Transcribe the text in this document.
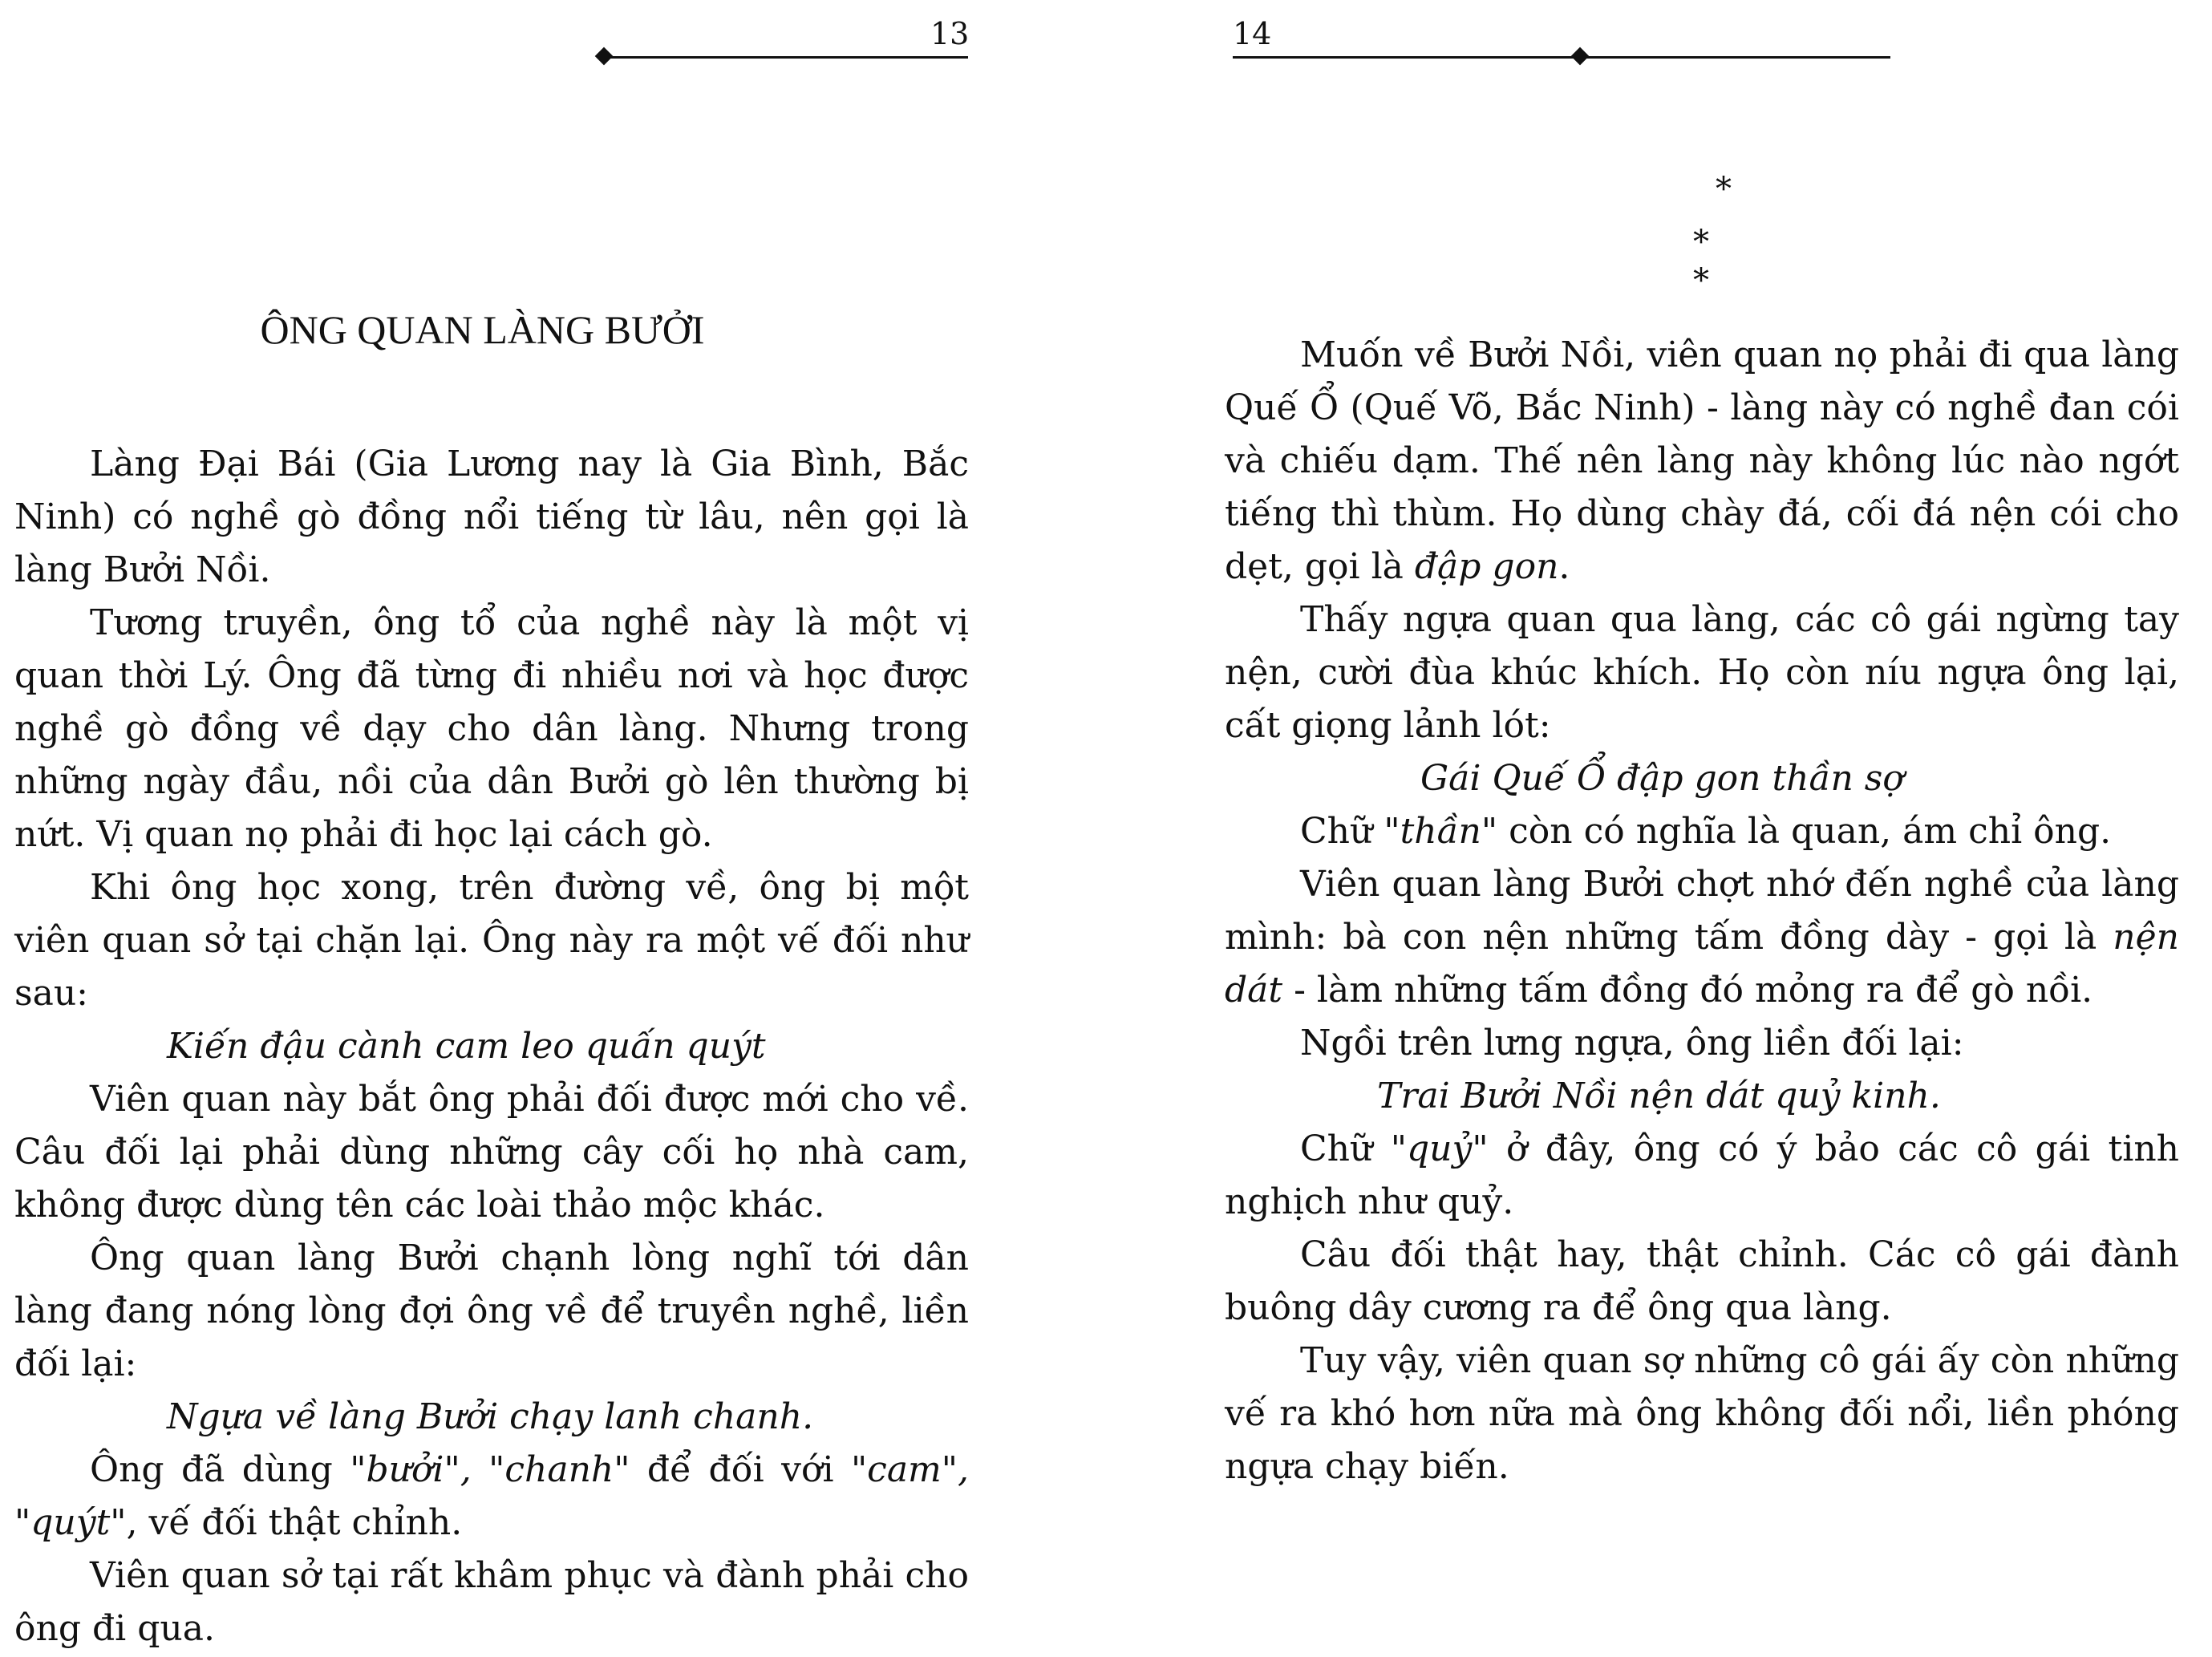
13
ÔNG QUAN LÀNG BƯỞI

Làng Đại Bái (Gia Lương nay là Gia Bình, Bắc Ninh) có nghề gò đồng nổi tiếng từ lâu, nên gọi là làng Bưởi Nồi.

Tương truyền, ông tổ của nghề này là một vị quan thời Lý. Ông đã từng đi nhiều nơi và học được nghề gò đồng về dạy cho dân làng. Nhưng trong những ngày đầu, nồi của dân Bưởi gò lên thường bị nứt. Vị quan nọ phải đi học lại cách gò.

Khi ông học xong, trên đường về, ông bị một viên quan sở tại chặn lại. Ông này ra một vế đối như sau:

Kiến đậu cành cam leo quấn quýt

Viên quan này bắt ông phải đối được mới cho về. Câu đối lại phải dùng những cây cối họ nhà cam, không được dùng tên các loài thảo mộc khác.

Ông quan làng Bưởi chạnh lòng nghĩ tới dân làng đang nóng lòng đợi ông về để truyền nghề, liền đối lại:

Ngựa về làng Bưởi chạy lanh chanh.

Ông đã dùng "bưởi", "chanh" để đối với "cam", "quýt", vế đối thật chỉnh.

Viên quan sở tại rất khâm phục và đành phải cho ông đi qua.

14
*
* *

Muốn về Bưởi Nồi, viên quan nọ phải đi qua làng Quế Ổ (Quế Võ, Bắc Ninh) - làng này có nghề đan cói và chiếu dạm. Thế nên làng này không lúc nào ngớt tiếng thì thùm. Họ dùng chày đá, cối đá nện cói cho dẹt, gọi là đập gon.

Thấy ngựa quan qua làng, các cô gái ngừng tay nện, cười đùa khúc khích. Họ còn níu ngựa ông lại, cất giọng lảnh lót:

Gái Quế Ổ đập gon thần sợ

Chữ "thần" còn có nghĩa là quan, ám chỉ ông.

Viên quan làng Bưởi chợt nhớ đến nghề của làng mình: bà con nện những tấm đồng dày - gọi là nện dát - làm những tấm đồng đó mỏng ra để gò nồi.

Ngồi trên lưng ngựa, ông liền đối lại:

Trai Bưởi Nồi nện dát quỷ kinh.

Chữ "quỷ" ở đây, ông có ý bảo các cô gái tinh nghịch như quỷ.

Câu đối thật hay, thật chỉnh. Các cô gái đành buông dây cương ra để ông qua làng.

Tuy vậy, viên quan sợ những cô gái ấy còn những vế ra khó hơn nữa mà ông không đối nổi, liền phóng ngựa chạy biến.
